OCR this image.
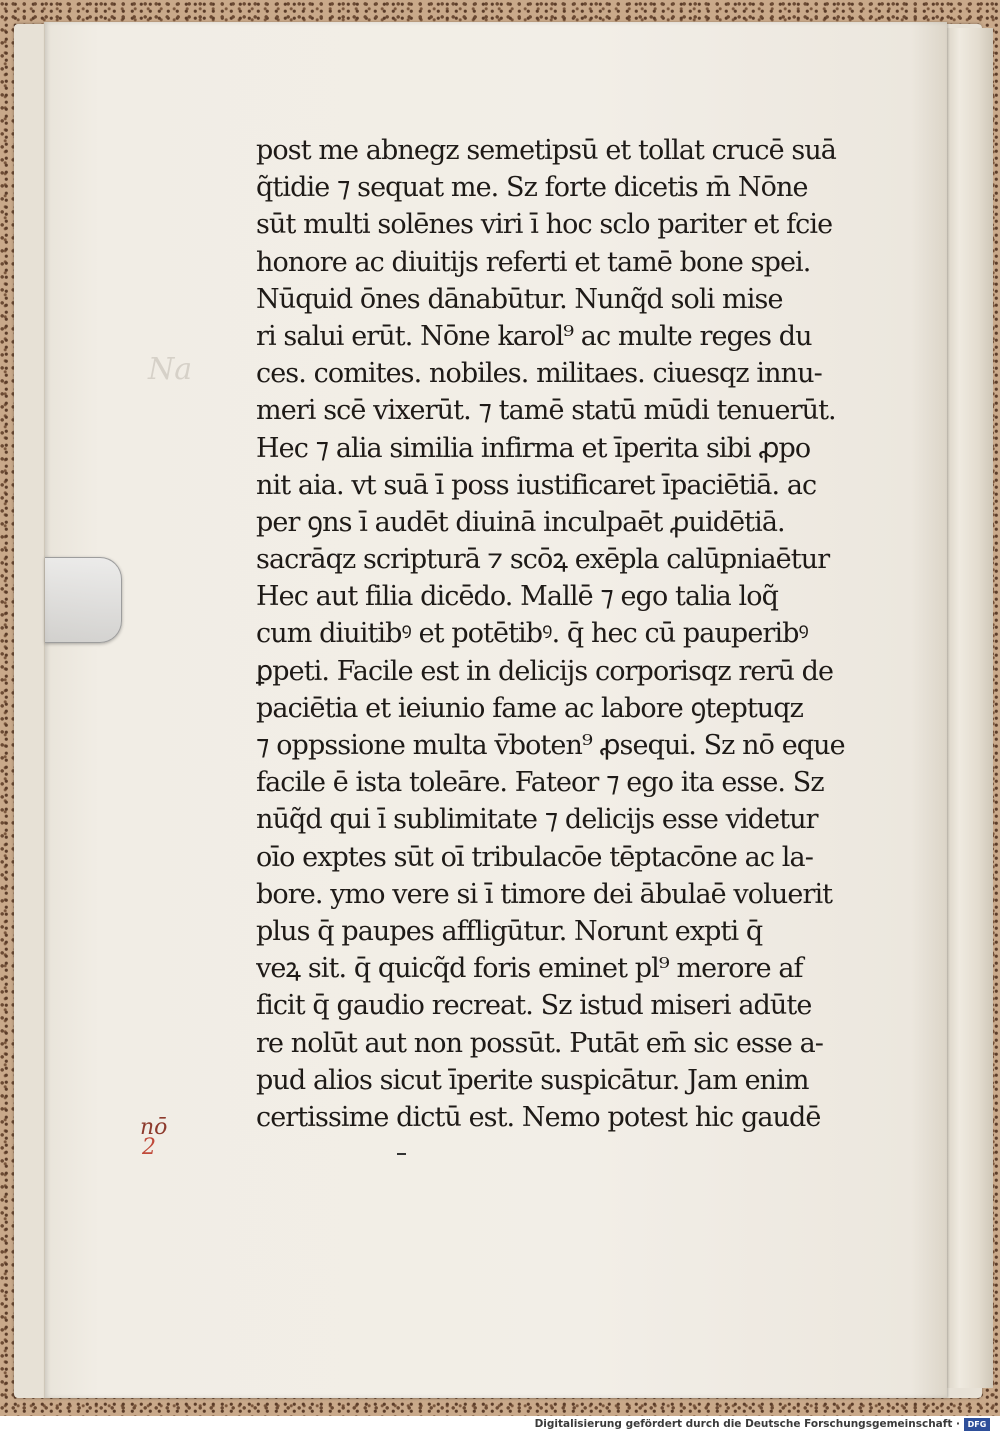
Na
post me abnegz semetipsū et tollat crucē suā
q̃tidie ⁊ sequat me. Sz forte dicetis m̄ Nōne
sūt multi solēnes viri ī hoc sclo pariter et fcie
honore ac diuitijs referti et tamē bone spei.
Nūquid ōnes dānabūtur. Nunq̃d soli mise
ri salui erūt. Nōne karol⁹ ac multe reges du
ces. comites. nobiles. militaes. ciuesqz innu-
meri scē vixerūt. ⁊ tamē statū mūdi tenuerūt.
Hec ⁊ alia similia infirma et īperita sibi ꝓpo
nit aia. vt suā ī poss iustificaret īpaciētiā. ac
per ꝯns ī audēt diuinā inculpaēt ꝓuidētiā.
sacrāqz scripturā ⁊ scōꝝ exēpla calūpniaētur
Hec aut filia dicēdo. Mallē ⁊ ego talia loq̃
cum diuitibꝰ et potētibꝰ. q̄ hec cū pauperibꝰ
ꝑpeti. Facile est in delicijs corporisqz rerū de
paciētia et ieiunio fame ac labore ꝯteptuqz
⁊ oppssione multa v̄boten⁹ ꝓsequi. Sz nō eque
facile ē ista toleāre. Fateor ⁊ ego ita esse. Sz
nūq̃d qui ī sublimitate ⁊ delicijs esse videtur
oīo exptes sūt oī tribulacōe tēptacōne ac la-
bore. ymo vere si ī timore dei ābulaē voluerit
plus q̄ paupes affligūtur. Norunt expti q̄
veꝝ sit. q̄ quicq̃d foris eminet pl⁹ merore af
ficit q̄ gaudio recreat. Sz istud miseri adūte
re nolūt aut non possūt. Putāt em̄ sic esse a-
pud alios sicut īperite suspicātur. Jam enim
certissime dictū est. Nemo potest hic gaudē
nō
2
Digitalisierung gefördert durch die Deutsche Forschungsgemeinschaft · DFG
